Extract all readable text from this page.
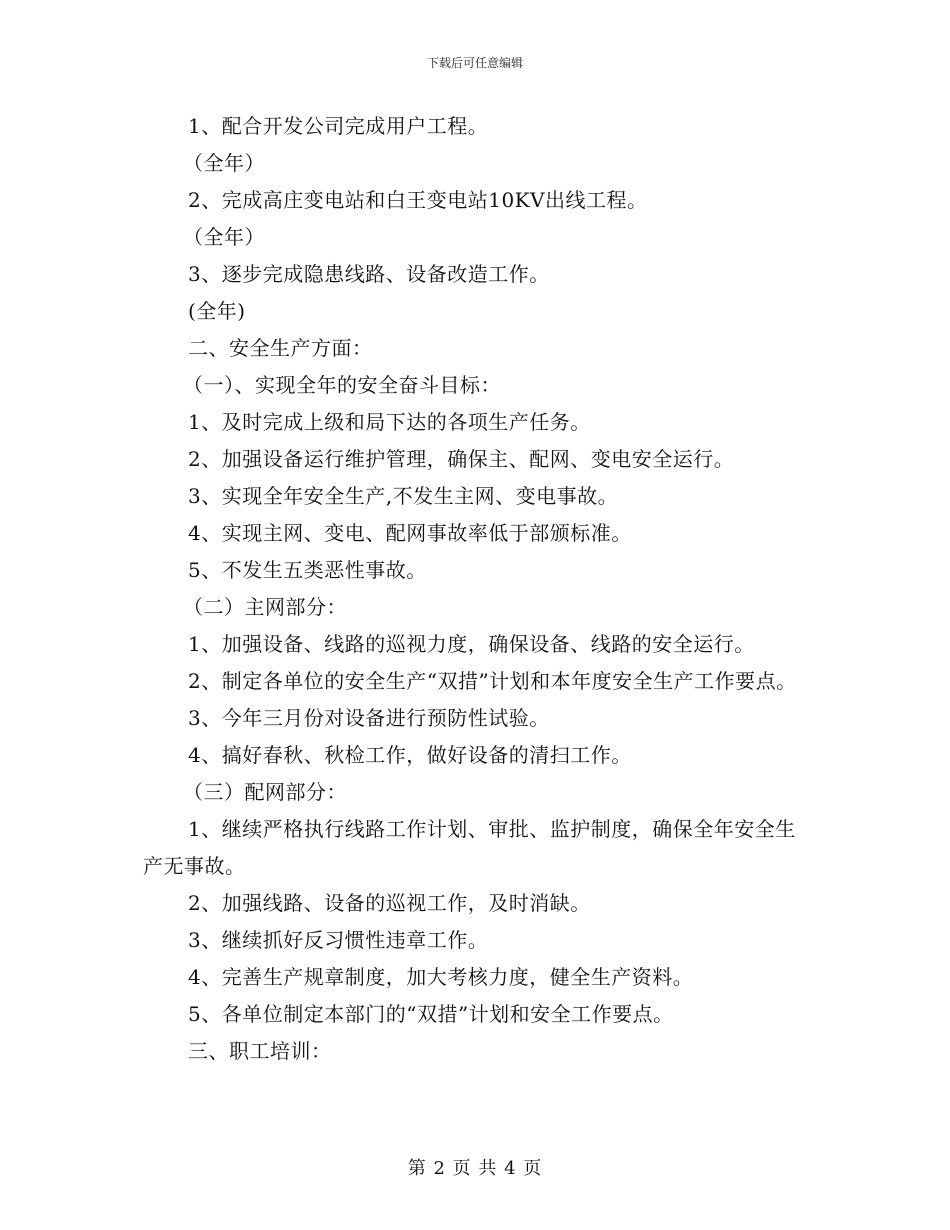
下载后可任意编辑
1、配合开发公司完成用户工程。
（全年）
2、完成高庄变电站和白王变电站10KV出线工程。
（全年）
3、逐步完成隐患线路、设备改造工作。
(全年)
二、安全生产方面：
（一）、实现全年的安全奋斗目标：
1、及时完成上级和局下达的各项生产任务。
2、加强设备运行维护管理，确保主、配网、变电安全运行。
3、实现全年安全生产,不发生主网、变电事故。
4、实现主网、变电、配网事故率低于部颁标准。
5、不发生五类恶性事故。
（二）主网部分：
1、加强设备、线路的巡视力度，确保设备、线路的安全运行。
2、制定各单位的安全生产“双措”计划和本年度安全生产工作要点。
3、今年三月份对设备进行预防性试验。
4、搞好春秋、秋检工作，做好设备的清扫工作。
（三）配网部分：
1、继续严格执行线路工作计划、审批、监护制度，确保全年安全生产无事故。
2、加强线路、设备的巡视工作，及时消缺。
3、继续抓好反习惯性违章工作。
4、完善生产规章制度，加大考核力度，健全生产资料。
5、各单位制定本部门的“双措”计划和安全工作要点。
三、职工培训：
第 2 页 共 4 页
